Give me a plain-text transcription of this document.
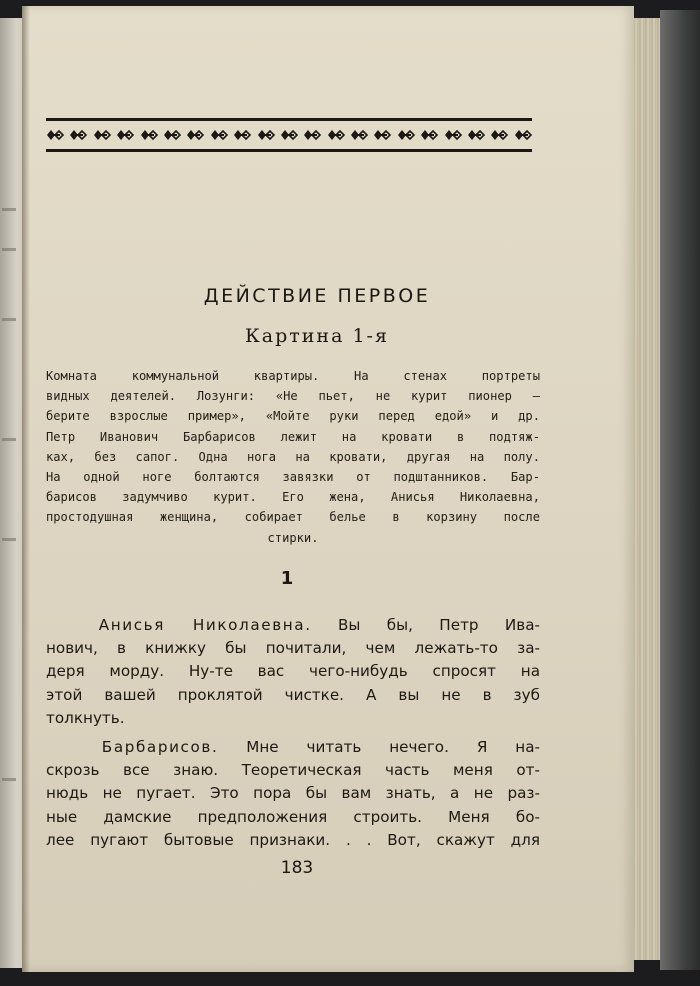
ДЕЙСТВИЕ ПЕРВОЕ
Картина 1-я
Комната коммунальной квартиры. На стенах портреты
видных деятелей. Лозунги: «Не пьет, не курит пионер —
берите взрослые пример», «Мойте руки перед едой» и др.
Петр Иванович Барбарисов лежит на кровати в подтяж-
ках, без сапог. Одна нога на кровати, другая на полу.
На одной ноге болтаются завязки от подштанников. Бар-
барисов задумчиво курит. Его жена, Анисья Николаевна,
простодушная женщина, собирает белье в корзину после
стирки.
1
Анисья Николаевна. Вы бы, Петр Ива-
нович, в книжку бы почитали, чем лежать-то за-
деря морду. Ну-те вас чего-нибудь спросят на
этой вашей проклятой чистке. А вы не в зуб
толкнуть.
Барбарисов. Мне читать нечего. Я на-
скрозь все знаю. Теоретическая часть меня от-
нюдь не пугает. Это пора бы вам знать, а не раз-
ные дамские предположения строить. Меня бо-
лее пугают бытовые признаки. . . Вот, скажут для
183
